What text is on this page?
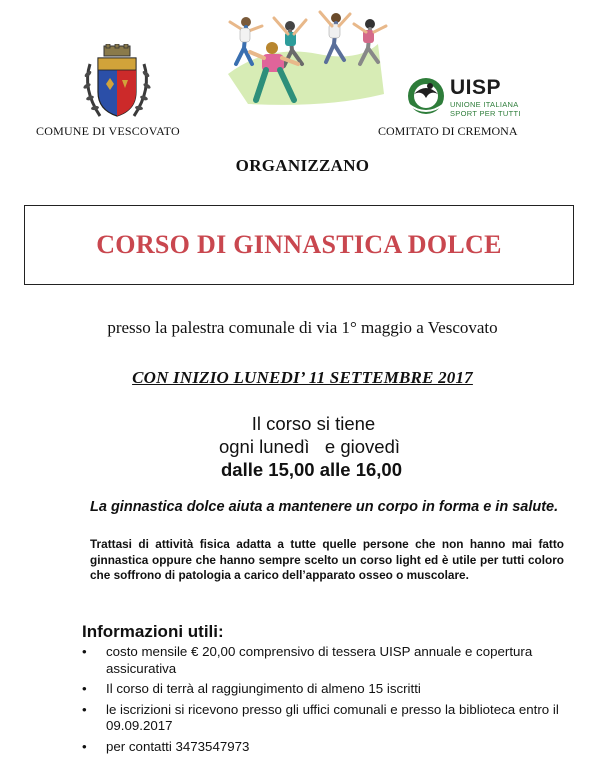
COMUNE DI VESCOVATO
UISP
UNIONE ITALIANA
SPORT PER TUTTI
COMITATO DI CREMONA
ORGANIZZANO
CORSO DI GINNASTICA DOLCE
presso la palestra comunale di via 1° maggio a Vescovato
CON INIZIO LUNEDI’ 11 SETTEMBRE 2017
Il corso si tiene
ogni lunedì   e giovedì
dalle 15,00 alle 16,00
La ginnastica dolce aiuta a mantenere un corpo in forma e in salute.
Trattasi di attività fisica adatta a tutte quelle persone che non hanno mai fatto ginnastica oppure che hanno sempre scelto un corso light ed è utile per tutti coloro che soffrono di patologia a carico dell’apparato osseo o muscolare.
Informazioni utili:
• costo mensile € 20,00 comprensivo di tessera UISP annuale e copertura assicurativa
• Il corso di terrà al raggiungimento di almeno 15 iscritti
• le iscrizioni si ricevono presso gli uffici comunali e presso la biblioteca entro il 09.09.2017
• per contatti 3473547973
